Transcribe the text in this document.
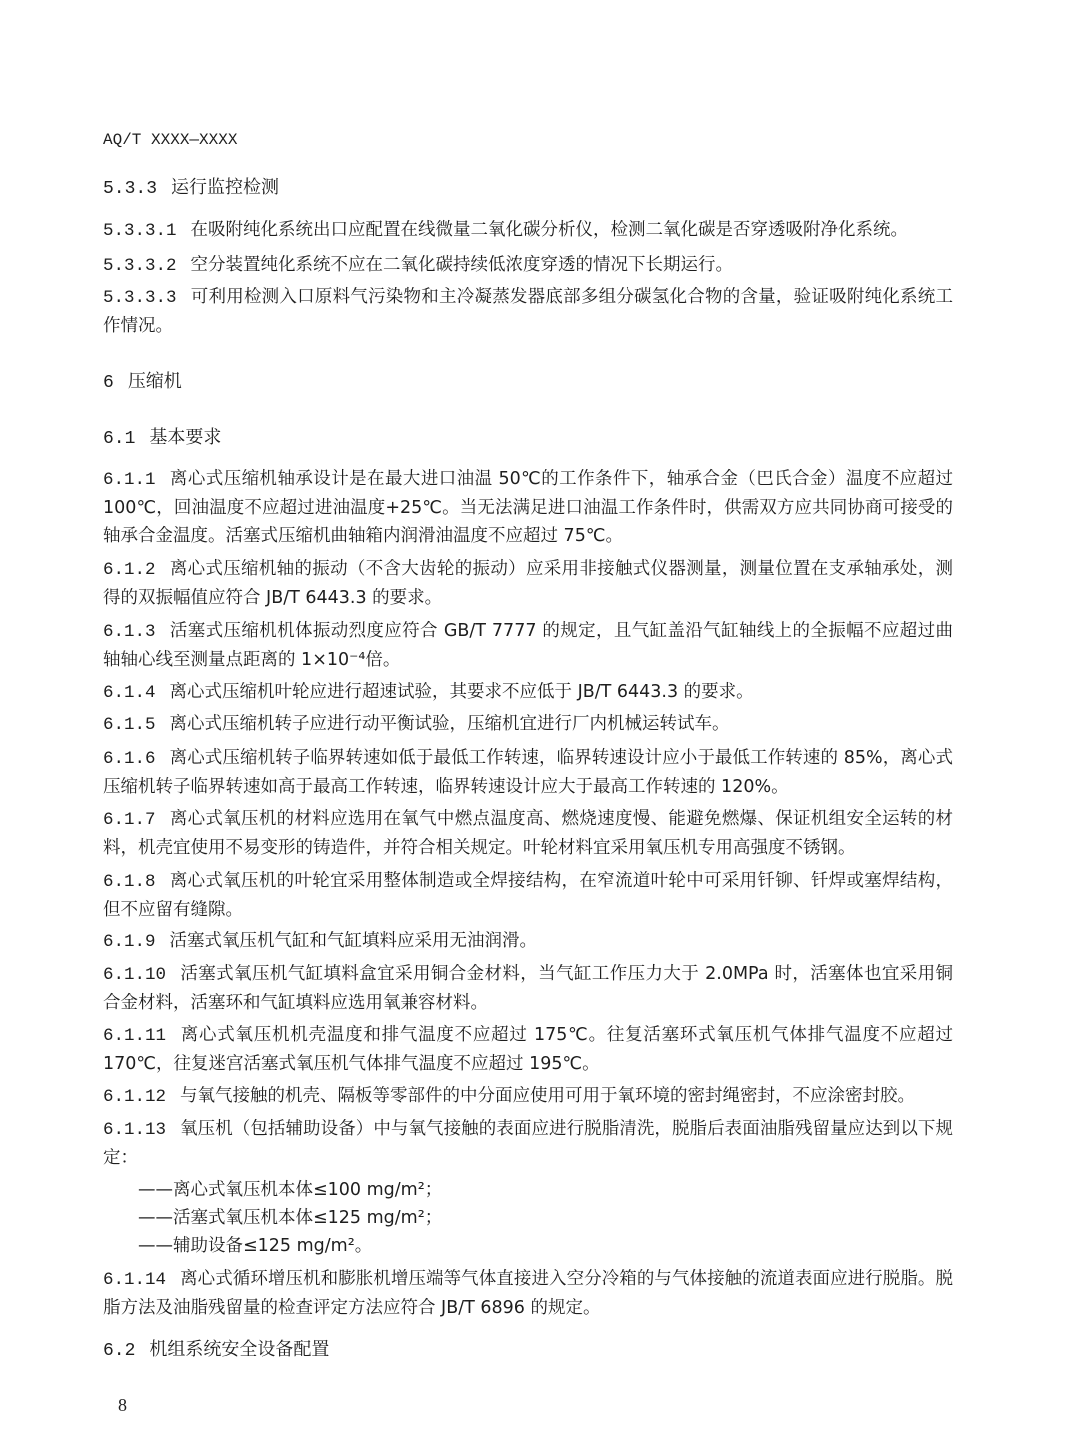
AQ/T XXXX—XXXX
5.3.3 运行监控检测
5.3.3.1 在吸附纯化系统出口应配置在线微量二氧化碳分析仪，检测二氧化碳是否穿透吸附净化系统。
5.3.3.2 空分装置纯化系统不应在二氧化碳持续低浓度穿透的情况下长期运行。
5.3.3.3 可利用检测入口原料气污染物和主冷凝蒸发器底部多组分碳氢化合物的含量，验证吸附纯化系统工作情况。
6 压缩机
6.1 基本要求
6.1.1 离心式压缩机轴承设计是在最大进口油温 50℃的工作条件下，轴承合金（巴氏合金）温度不应超过 100℃，回油温度不应超过进油温度+25℃。当无法满足进口油温工作条件时，供需双方应共同协商可接受的轴承合金温度。活塞式压缩机曲轴箱内润滑油温度不应超过 75℃。
6.1.2 离心式压缩机轴的振动（不含大齿轮的振动）应采用非接触式仪器测量，测量位置在支承轴承处，测得的双振幅值应符合 JB/T 6443.3 的要求。
6.1.3 活塞式压缩机机体振动烈度应符合 GB/T 7777 的规定，且气缸盖沿气缸轴线上的全振幅不应超过曲轴轴心线至测量点距离的 1×10⁻⁴倍。
6.1.4 离心式压缩机叶轮应进行超速试验，其要求不应低于 JB/T 6443.3 的要求。
6.1.5 离心式压缩机转子应进行动平衡试验，压缩机宜进行厂内机械运转试车。
6.1.6 离心式压缩机转子临界转速如低于最低工作转速，临界转速设计应小于最低工作转速的 85%，离心式压缩机转子临界转速如高于最高工作转速，临界转速设计应大于最高工作转速的 120%。
6.1.7 离心式氧压机的材料应选用在氧气中燃点温度高、燃烧速度慢、能避免燃爆、保证机组安全运转的材料，机壳宜使用不易变形的铸造件，并符合相关规定。叶轮材料宜采用氧压机专用高强度不锈钢。
6.1.8 离心式氧压机的叶轮宜采用整体制造或全焊接结构，在窄流道叶轮中可采用钎铆、钎焊或塞焊结构，但不应留有缝隙。
6.1.9 活塞式氧压机气缸和气缸填料应采用无油润滑。
6.1.10 活塞式氧压机气缸填料盒宜采用铜合金材料，当气缸工作压力大于 2.0MPa 时，活塞体也宜采用铜合金材料，活塞环和气缸填料应选用氧兼容材料。
6.1.11 离心式氧压机机壳温度和排气温度不应超过 175℃。往复活塞环式氧压机气体排气温度不应超过 170℃，往复迷宫活塞式氧压机气体排气温度不应超过 195℃。
6.1.12 与氧气接触的机壳、隔板等零部件的中分面应使用可用于氧环境的密封绳密封，不应涂密封胶。
6.1.13 氧压机（包括辅助设备）中与氧气接触的表面应进行脱脂清洗，脱脂后表面油脂残留量应达到以下规定：
——离心式氧压机本体≤100 mg/m²；
——活塞式氧压机本体≤125 mg/m²；
——辅助设备≤125 mg/m²。
6.1.14 离心式循环增压机和膨胀机增压端等气体直接进入空分冷箱的与气体接触的流道表面应进行脱脂。脱脂方法及油脂残留量的检查评定方法应符合 JB/T 6896 的规定。
6.2 机组系统安全设备配置
8
